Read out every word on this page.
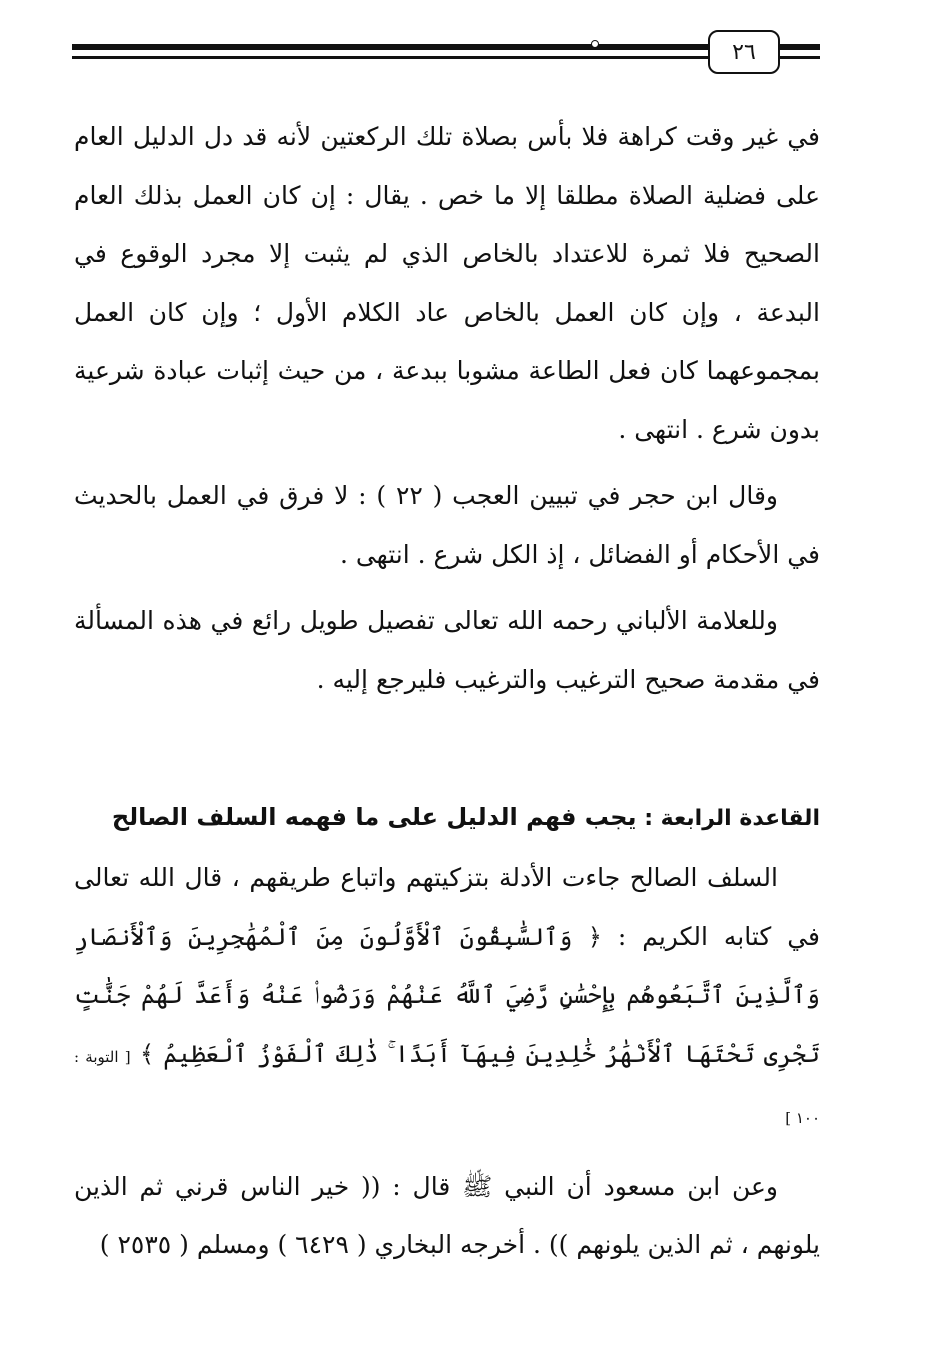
٢٦

في غير وقت كراهة فلا بأس بصلاة تلك الركعتين لأنه قد دل الدليل العام على فضلية الصلاة مطلقا إلا ما خص . يقال : إن كان العمل بذلك العام الصحيح فلا ثمرة للاعتداد بالخاص الذي لم يثبت إلا مجرد الوقوع في البدعة ، وإن كان العمل بالخاص عاد الكلام الأول ؛ وإن كان العمل بمجموعهما كان فعل الطاعة مشوبا ببدعة ، من حيث إثبات عبادة شرعية بدون شرع . انتهى .

وقال ابن حجر في تبيين العجب ( ٢٢ ) : لا فرق في العمل بالحديث في الأحكام أو الفضائل ، إذ الكل شرع . انتهى .

وللعلامة الألباني رحمه الله تعالى تفصيل طويل رائع في هذه المسألة في مقدمة صحيح الترغيب والترغيب فليرجع إليه .

القاعدة الرابعة : يجب فهم الدليل على ما فهمه السلف الصالح

السلف الصالح جاءت الأدلة بتزكيتهم واتباع طريقهم ، قال الله تعالى في كتابه الكريم : ﴿ وَٱلسَّٰبِقُونَ ٱلْأَوَّلُونَ مِنَ ٱلْمُهَٰجِرِينَ وَٱلْأَنصَارِ وَٱلَّذِينَ ٱتَّبَعُوهُم بِإِحْسَٰنٍ رَّضِيَ ٱللَّهُ عَنْهُمْ وَرَضُوا۟ عَنْهُ وَأَعَدَّ لَهُمْ جَنَّٰتٍ تَجْرِى تَحْتَهَا ٱلْأَنْهَٰرُ خَٰلِدِينَ فِيهَآ أَبَدًا ۚ ذَٰلِكَ ٱلْفَوْزُ ٱلْعَظِيمُ ﴾ [ التوبة : ١٠٠ ]

وعن ابن مسعود أن النبي ﷺ قال : (( خير الناس قرني ثم الذين يلونهم ، ثم الذين يلونهم )) . أخرجه البخاري ( ٦٤٢٩ ) ومسلم ( ٢٥٣٥ )
